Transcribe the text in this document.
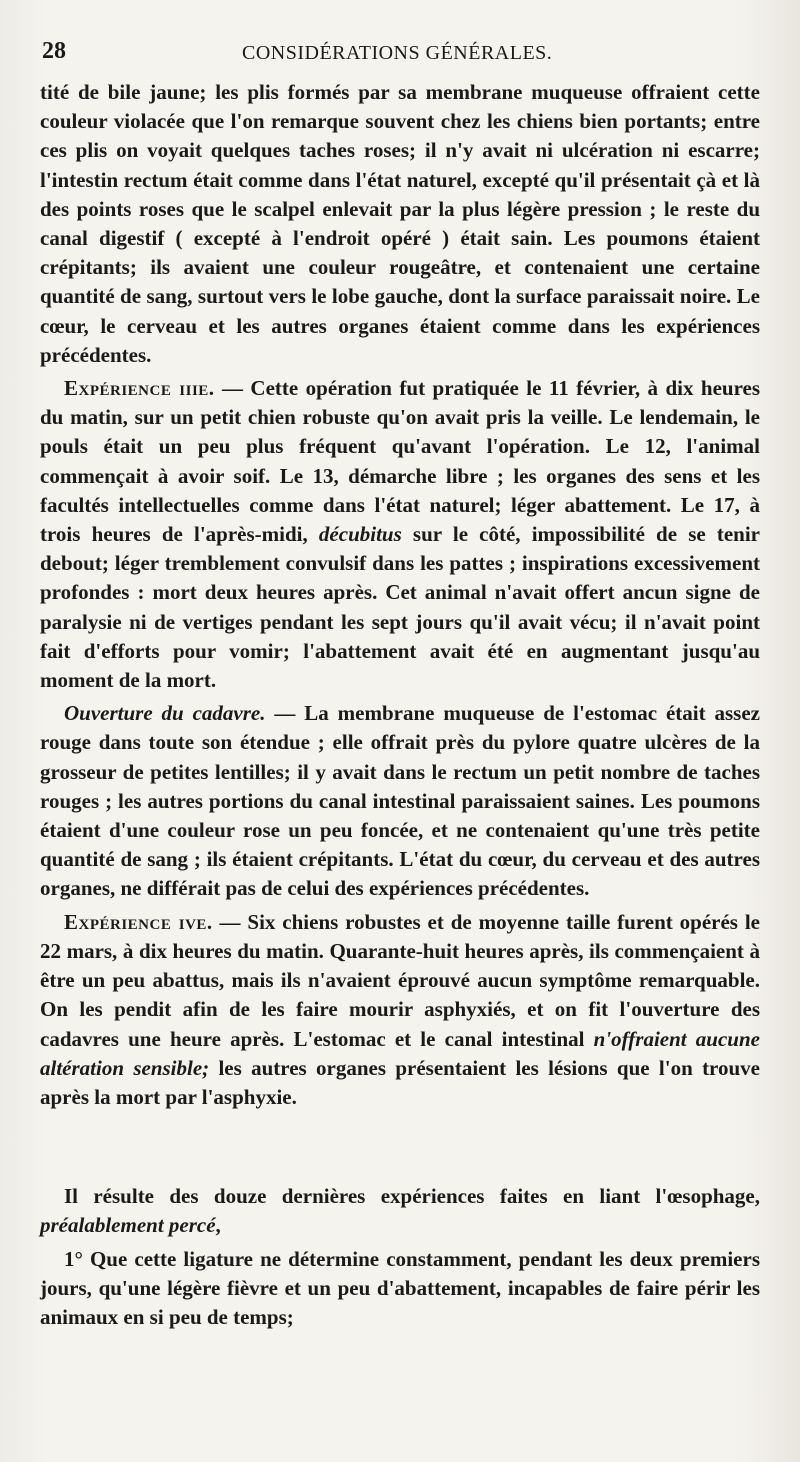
28	CONSIDÉRATIONS GÉNÉRALES.

tité de bile jaune; les plis formés par sa membrane muqueuse offraient cette couleur violacée que l'on remarque souvent chez les chiens bien portants; entre ces plis on voyait quelques taches roses; il n'y avait ni ulcération ni escarre; l'intestin rectum était comme dans l'état naturel, excepté qu'il présentait çà et là des points roses que le scalpel enlevait par la plus légère pression ; le reste du canal digestif ( excepté à l'endroit opéré ) était sain. Les poumons étaient crépitants; ils avaient une couleur rougeâtre, et contenaient une certaine quantité de sang, surtout vers le lobe gauche, dont la surface paraissait noire. Le cœur, le cerveau et les autres organes étaient comme dans les expériences précédentes.

Expérience iiie. — Cette opération fut pratiquée le 11 février, à dix heures du matin, sur un petit chien robuste qu'on avait pris la veille. Le lendemain, le pouls était un peu plus fréquent qu'avant l'opération. Le 12, l'animal commençait à avoir soif. Le 13, démarche libre ; les organes des sens et les facultés intellectuelles comme dans l'état naturel; léger abattement. Le 17, à trois heures de l'après-midi, décubitus sur le côté, impossibilité de se tenir debout; léger tremblement convulsif dans les pattes ; inspirations excessivement profondes : mort deux heures après. Cet animal n'avait offert ancun signe de paralysie ni de vertiges pendant les sept jours qu'il avait vécu; il n'avait point fait d'efforts pour vomir; l'abattement avait été en augmentant jusqu'au moment de la mort.

Ouverture du cadavre. — La membrane muqueuse de l'estomac était assez rouge dans toute son étendue ; elle offrait près du pylore quatre ulcères de la grosseur de petites lentilles; il y avait dans le rectum un petit nombre de taches rouges ; les autres portions du canal intestinal paraissaient saines. Les poumons étaient d'une couleur rose un peu foncée, et ne contenaient qu'une très petite quantité de sang ; ils étaient crépitants. L'état du cœur, du cerveau et des autres organes, ne différait pas de celui des expériences précédentes.

Expérience ive. — Six chiens robustes et de moyenne taille furent opérés le 22 mars, à dix heures du matin. Quarante-huit heures après, ils commençaient à être un peu abattus, mais ils n'avaient éprouvé aucun symptôme remarquable. On les pendit afin de les faire mourir asphyxiés, et on fit l'ouverture des cadavres une heure après. L'estomac et le canal intestinal n'offraient aucune altération sensible; les autres organes présentaient les lésions que l'on trouve après la mort par l'asphyxie.

Il résulte des douze dernières expériences faites en liant l'œsophage, préalablement percé,

1° Que cette ligature ne détermine constamment, pendant les deux premiers jours, qu'une légère fièvre et un peu d'abattement, incapables de faire périr les animaux en si peu de temps;
